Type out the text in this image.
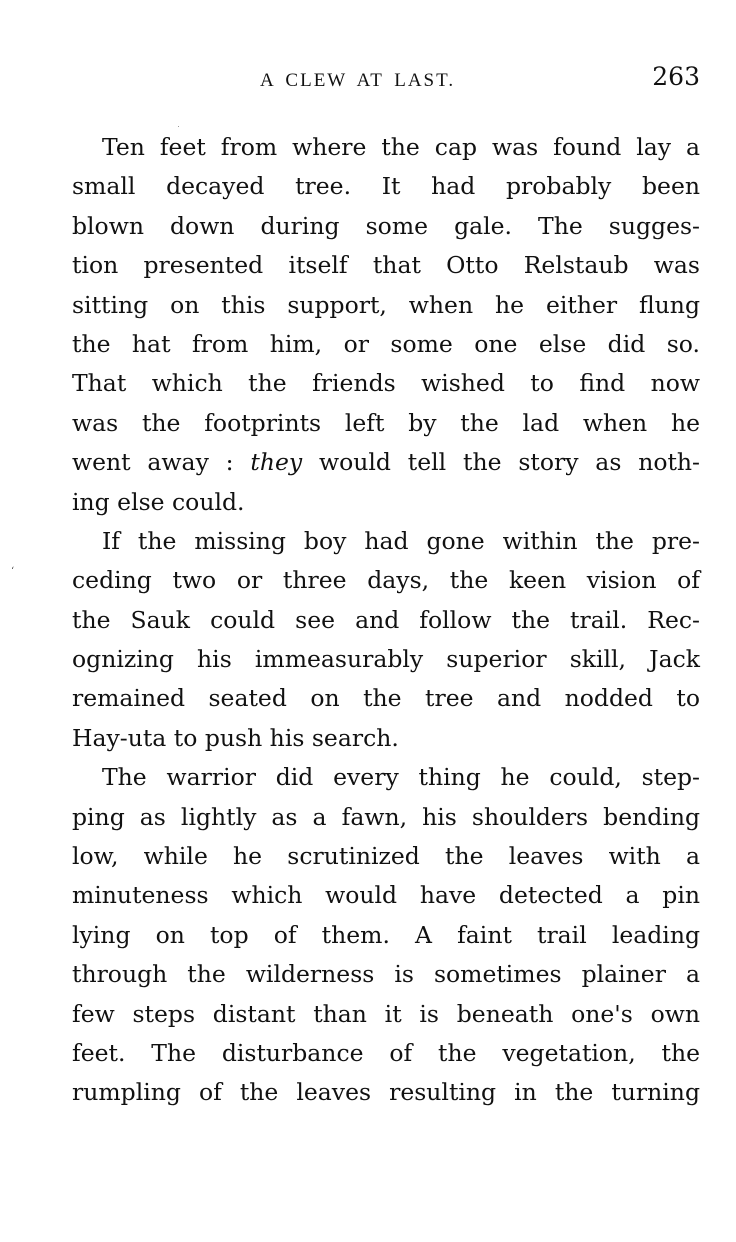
A CLEW AT LAST.	263
Ten feet from where the cap was found lay a
small decayed tree. It had probably been
blown down during some gale. The sugges-
tion presented itself that Otto Relstaub was
sitting on this support, when he either flung
the hat from him, or some one else did so.
That which the friends wished to find now
was the footprints left by the lad when he
went away : they would tell the story as noth-
ing else could.
If the missing boy had gone within the pre-
ceding two or three days, the keen vision of
the Sauk could see and follow the trail. Rec-
ognizing his immeasurably superior skill, Jack
remained seated on the tree and nodded to
Hay-uta to push his search.
The warrior did every thing he could, step-
ping as lightly as a fawn, his shoulders bending
low, while he scrutinized the leaves with a
minuteness which would have detected a pin
lying on top of them. A faint trail leading
through the wilderness is sometimes plainer a
few steps distant than it is beneath one's own
feet. The disturbance of the vegetation, the
rumpling of the leaves resulting in the turning
‘
